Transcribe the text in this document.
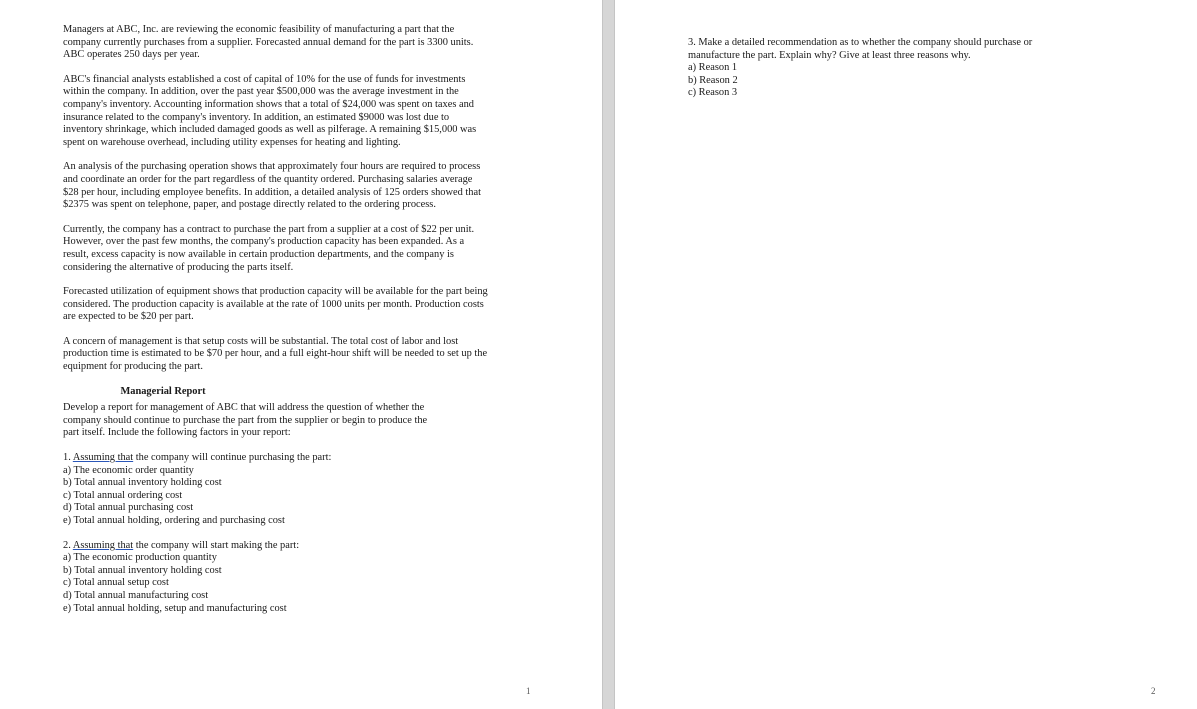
Managers at ABC, Inc. are reviewing the economic feasibility of manufacturing a part that the company currently purchases from a supplier. Forecasted annual demand for the part is 3300 units. ABC operates 250 days per year.

ABC's financial analysts established a cost of capital of 10% for the use of funds for investments within the company. In addition, over the past year $500,000 was the average investment in the company's inventory. Accounting information shows that a total of $24,000 was spent on taxes and insurance related to the company's inventory. In addition, an estimated $9000 was lost due to inventory shrinkage, which included damaged goods as well as pilferage. A remaining $15,000 was spent on warehouse overhead, including utility expenses for heating and lighting.

An analysis of the purchasing operation shows that approximately four hours are required to process and coordinate an order for the part regardless of the quantity ordered. Purchasing salaries average $28 per hour, including employee benefits. In addition, a detailed analysis of 125 orders showed that $2375 was spent on telephone, paper, and postage directly related to the ordering process.

Currently, the company has a contract to purchase the part from a supplier at a cost of $22 per unit. However, over the past few months, the company's production capacity has been expanded. As a result, excess capacity is now available in certain production departments, and the company is considering the alternative of producing the parts itself.

Forecasted utilization of equipment shows that production capacity will be available for the part being considered. The production capacity is available at the rate of 1000 units per month. Production costs are expected to be $20 per part.

A concern of management is that setup costs will be substantial. The total cost of labor and lost production time is estimated to be $70 per hour, and a full eight-hour shift will be needed to set up the equipment for producing the part.

Managerial Report

Develop a report for management of ABC that will address the question of whether the company should continue to purchase the part from the supplier or begin to produce the part itself. Include the following factors in your report:

1. Assuming that the company will continue purchasing the part:
a) The economic order quantity
b) Total annual inventory holding cost
c) Total annual ordering cost
d) Total annual purchasing cost
e) Total annual holding, ordering and purchasing cost
2. Assuming that the company will start making the part:
a) The economic production quantity
b) Total annual inventory holding cost
c) Total annual setup cost
d) Total annual manufacturing cost
e) Total annual holding, setup and manufacturing cost
1
3. Make a detailed recommendation as to whether the company should purchase or manufacture the part. Explain why? Give at least three reasons why.
a) Reason 1
b) Reason 2
c) Reason 3
2
